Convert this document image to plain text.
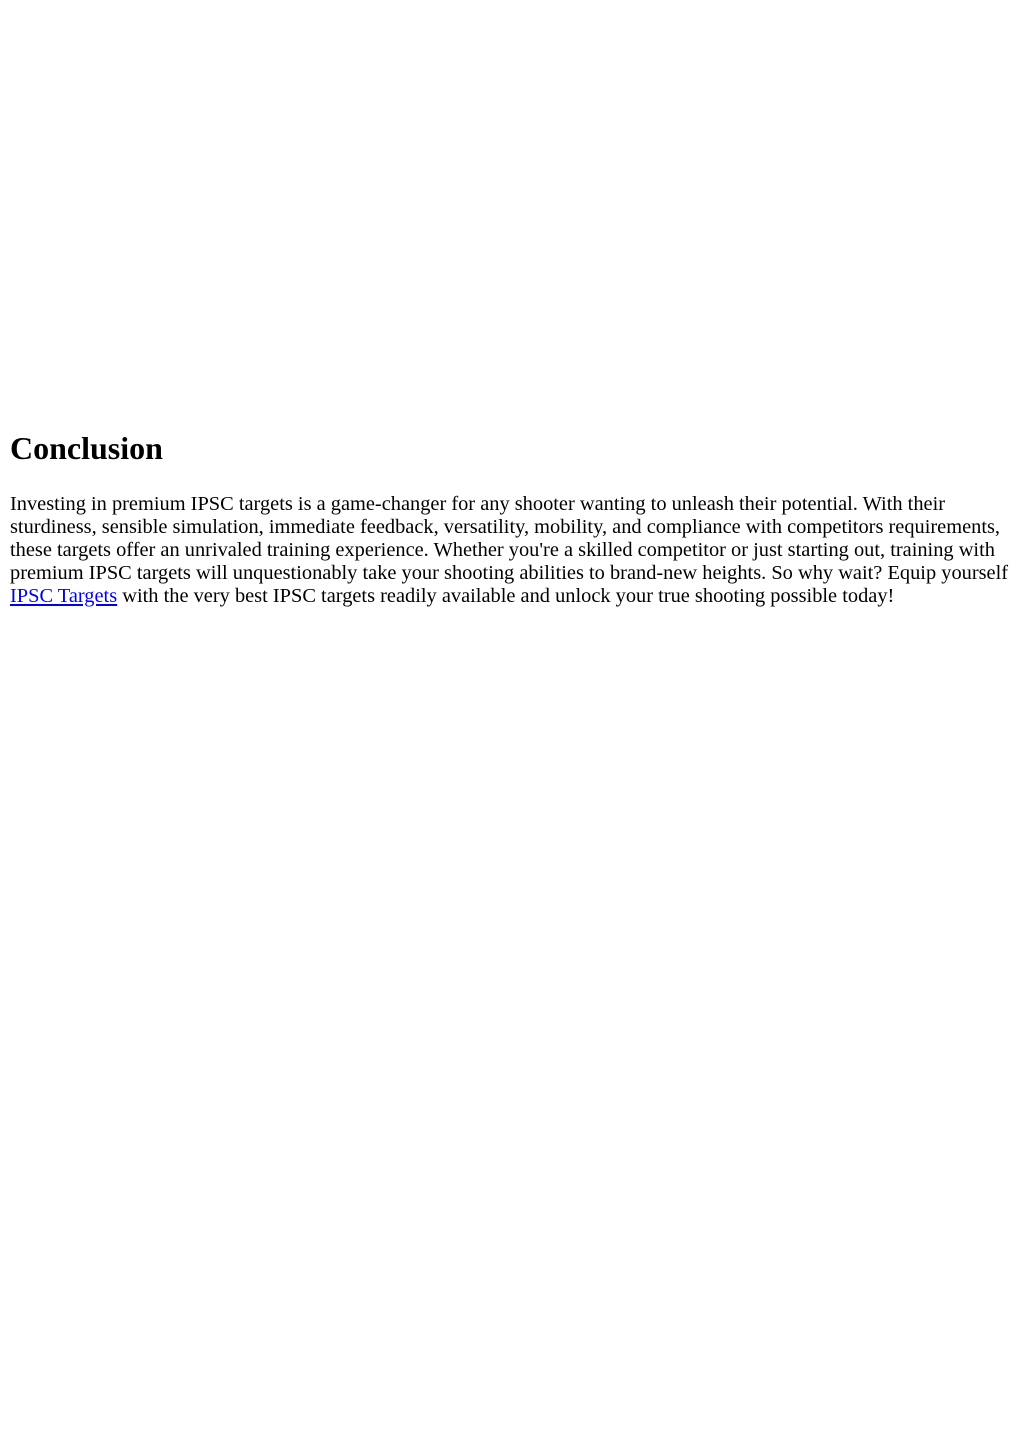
Conclusion

Investing in premium IPSC targets is a game-changer for any shooter wanting to unleash their potential. With their sturdiness, sensible simulation, immediate feedback, versatility, mobility, and compliance with competitors requirements, these targets offer an unrivaled training experience. Whether you're a skilled competitor or just starting out, training with premium IPSC targets will unquestionably take your shooting abilities to brand-new heights. So why wait? Equip yourself IPSC Targets with the very best IPSC targets readily available and unlock your true shooting possible today!
